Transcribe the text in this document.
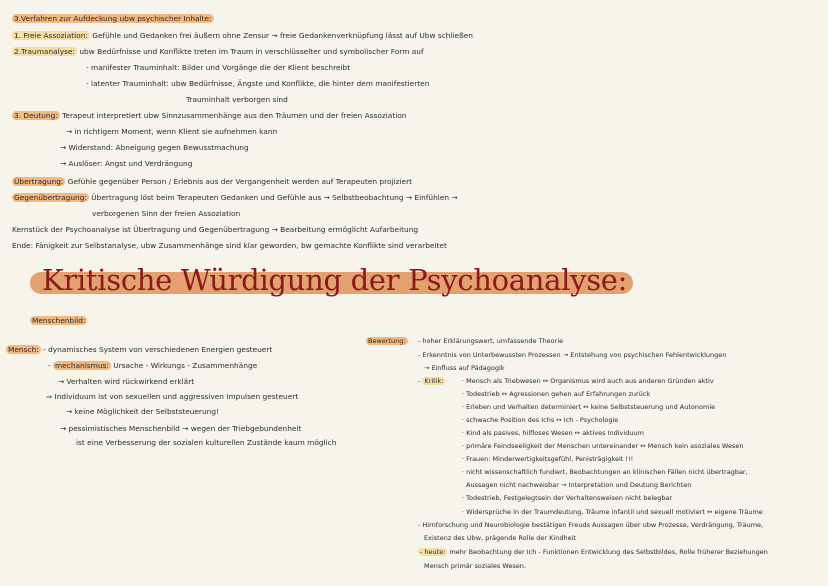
3.Verfahren zur Aufdeckung ubw psychischer Inhalte:
1. Freie Assoziation: Gefühle und Gedanken frei äußern ohne Zensur → freie Gedankenverknüpfung lässt auf Ubw schließen
2.Traumanalyse: ubw Bedürfnisse und Konflikte treten im Traum in verschlüsselter und symbolischer Form auf
- manifester Trauminhalt: Bilder und Vorgänge die der Klient beschreibt
- latenter Trauminhalt: ubw Bedürfnisse, Ängste und Konflikte, die hinter dem manifestierten
Trauminhalt verborgen sind
3. Deutung: Terapeut interpretiert ubw Sinnzusammenhänge aus den Träumen und der freien Assoziation
→ in richtigem Moment, wenn Klient sie aufnehmen kann
→ Widerstand: Abneigung gegen Bewusstmachung
→ Auslöser: Angst und Verdrängung
Übertragung: Gefühle gegenüber Person / Erlebnis aus der Vergangenheit werden auf Terapeuten projiziert
Gegenübertragung: Übertragung löst beim Terapeuten Gedanken und Gefühle aus → Selbstbeobachtung → Einfühlen →
verborgenen Sinn der freien Assoziation
Kernstück der Psychoanalyse ist Übertragung und Gegenübertragung → Bearbeitung ermöglicht Aufarbeitung
Ende: Fänigkeit zur Selbstanalyse, ubw Zusammenhänge sind klar geworden, bw gemachte Konflikte sind verarbeitet
Kritische Würdigung der Psychoanalyse:
Menschenbild:
Mensch: - dynamisches System von verschiedenen Energien gesteuert
- mechanismus: Ursache - Wirkungs - Zusammenhänge
→ Verhalten wird rückwirkend erklärt
⇒ Individuum ist von sexuellen und aggressiven Impulsen gesteuert
→ keine Möglichkeit der Selbststeuerung!
→ pessimistisches Menschenbild → wegen der Triebgebundenheit
ist eine Verbesserung der sozialen kulturellen Zustände kaum möglich
Bewertung:	- hoher Erklärungswert, umfassende Theorie
- Erkenntnis von Unterbewussten Prozessen → Entstehung von psychischen Fehlentwicklungen
→ Einfluss auf Pädagogik
- Kritik:	· Mensch als Triebwesen ↔ Organismus wird auch aus anderen Gründen aktiv
· Todestrieb ↔ Agressionen gehen auf Erfahrungen zurück
· Erleben und Verhalten determiniert ↔ keine Selbststeuerung und Autonomie
· schwache Position des Ichs ↔ Ich - Psychologie
· Kind als pasives, hilfloses Wesen ↔ aktives Individuum
· primäre Feindseeligkeit der Menschen untereinander ↔ Mensch kein asoziales Wesen
· Frauen: Minderwertigkeitsgefühl, Penisträgigkeit !!!
· nicht wissenschaftlich fundiert, Beobachtungen an klinischen Fällen nicht übertragbar,
Aussagen nicht nachweisbar → Interpretation und Deutung Berichten
· Todestrieb, Festgelegtsein der Verhaltensweisen nicht belegbar
· Widersprüche in der Traumdeutung, Träume infantil und sexuell motiviert ↔ eigene Träume
- Hirnforschung und Neurobiologie bestätigen Freuds Aussagen über ubw Prozesse, Verdrängung, Träume,
Existenz des Ubw, prägende Rolle der Kindheit
- heute: mehr Beobachtung der Ich - Funktionen Entwicklung des Selbstbildes, Rolle früherer Beziehungen
Mensch primär soziales Wesen.
